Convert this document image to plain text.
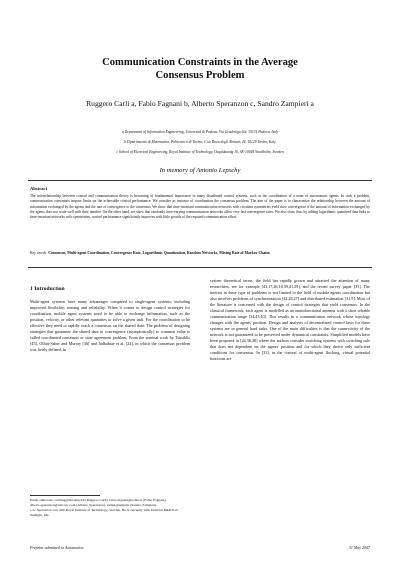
Communication Constraints in the Average
Consensus Problem
Ruggero Carli a, Fabio Fagnani b, Alberto Speranzon c, Sandro Zampieri a
a Department of Information Engineering, Università di Padova, Via Gradenigo 6/a, 35131 Padova, Italy
b Dipartimento di Matematica, Politecnico di Torino, C.so Duca degli Abruzzi, 24, 10129 Torino, Italy
c School of Electrical Engineering, Royal Institute of Technology, Osquldasväg 10, SE-10044 Stockholm, Sweden
In memory of Antonio Lepschy
Abstract
The interrelationship between control and communication theory is becoming of fundamental importance in many distributed control systems, such as the coordination of a team of autonomous agents. In such a problem, communication constraints impose limits on the achievable control performance. We consider as instance of coordination the consensus problem. The aim of the paper is to characterize the relationship between the amount of information exchanged by the agents and the rate of convergence to the consensus. We show that time-invariant communication networks with circulant symmetries yield slow convergence if the amount of information exchanged by the agents does not scale well with their number. On the other hand, we show that randomly time-varying communication networks allow very fast convergence rates. We also show that, by adding logarithmic quantized data links to time-invariant networks with symmetries, control performance significantly improves with little growth of the required communication effort.
Key words: Consensus, Multi-agent Coordination, Convergence Rate, Logarithmic Quantization, Random Networks, Mixing Rate of Markov Chains
1 Introduction
Multi-agent systems have many advantages compared to single-agent systems, including improved flexibility, sensing and reliability. When it comes to design control strategies for coordination, mobile agent systems need to be able to exchange information, such as the position, velocity, or other relevant quantities to solve a given task. For the coordination to be effective they need to rapidly reach a consensus on the shared data. The problem of designing strategies that guarantee the shared data to convergence (asymptotically) to common value is called coordinated consensus or state agreement problem. From the seminal work by Tsitsiklis [45], Olfati-Saber and Murray [36] and Jadbabaie et al. [24], in which the consensus problem was firstly defined, in
system theoretical terms, the field has rapidly grown and attracted the attention of many researchers, see for example [43,17,26,18,39,41,29], and the recent survey paper [35]. The interest in these type of problems is not limited to the field of mobile agents coordination but also involves problems of synchronization [42,28,27] and distributed estimation [31,9]. Most of the literature is concerned with the design of control strategies that yield consensus. In the classical framework, each agent is modelled as an omnidirectional antenna with a short reliable communication range [34,43,10]. This results in a communication network whose topology changes with the agents' position. Design and analysis of decentralized control laws for these systems are in general hard tasks. One of the main difficulties is that the connectivity of the network is not guaranteed to be preserved under dynamical constraints. Simplified models have been proposed in [24,36,38] where the authors consider switching systems with switching rule that does not dependent on the agents' position and for which they derive only sufficient conditions for consensus. In [33], in the context of multi-agent flocking, virtual potential functions are
Email addresses: carlirug@dei.unipd.it (Ruggero Carli), fabio.fagnani@polito.it (Fabio Fagnani), alberto.speranzon@utrc.utc.com (Alberto Speranzon), zampi@unipd.it (Sandro Zampieri).
1 A. Speranzon was with Royal Institute of Technology, Sweden. He is currently with Unilever R&D Port Sunlight, UK.
Preprint submitted to Automatica	31 May 2007
